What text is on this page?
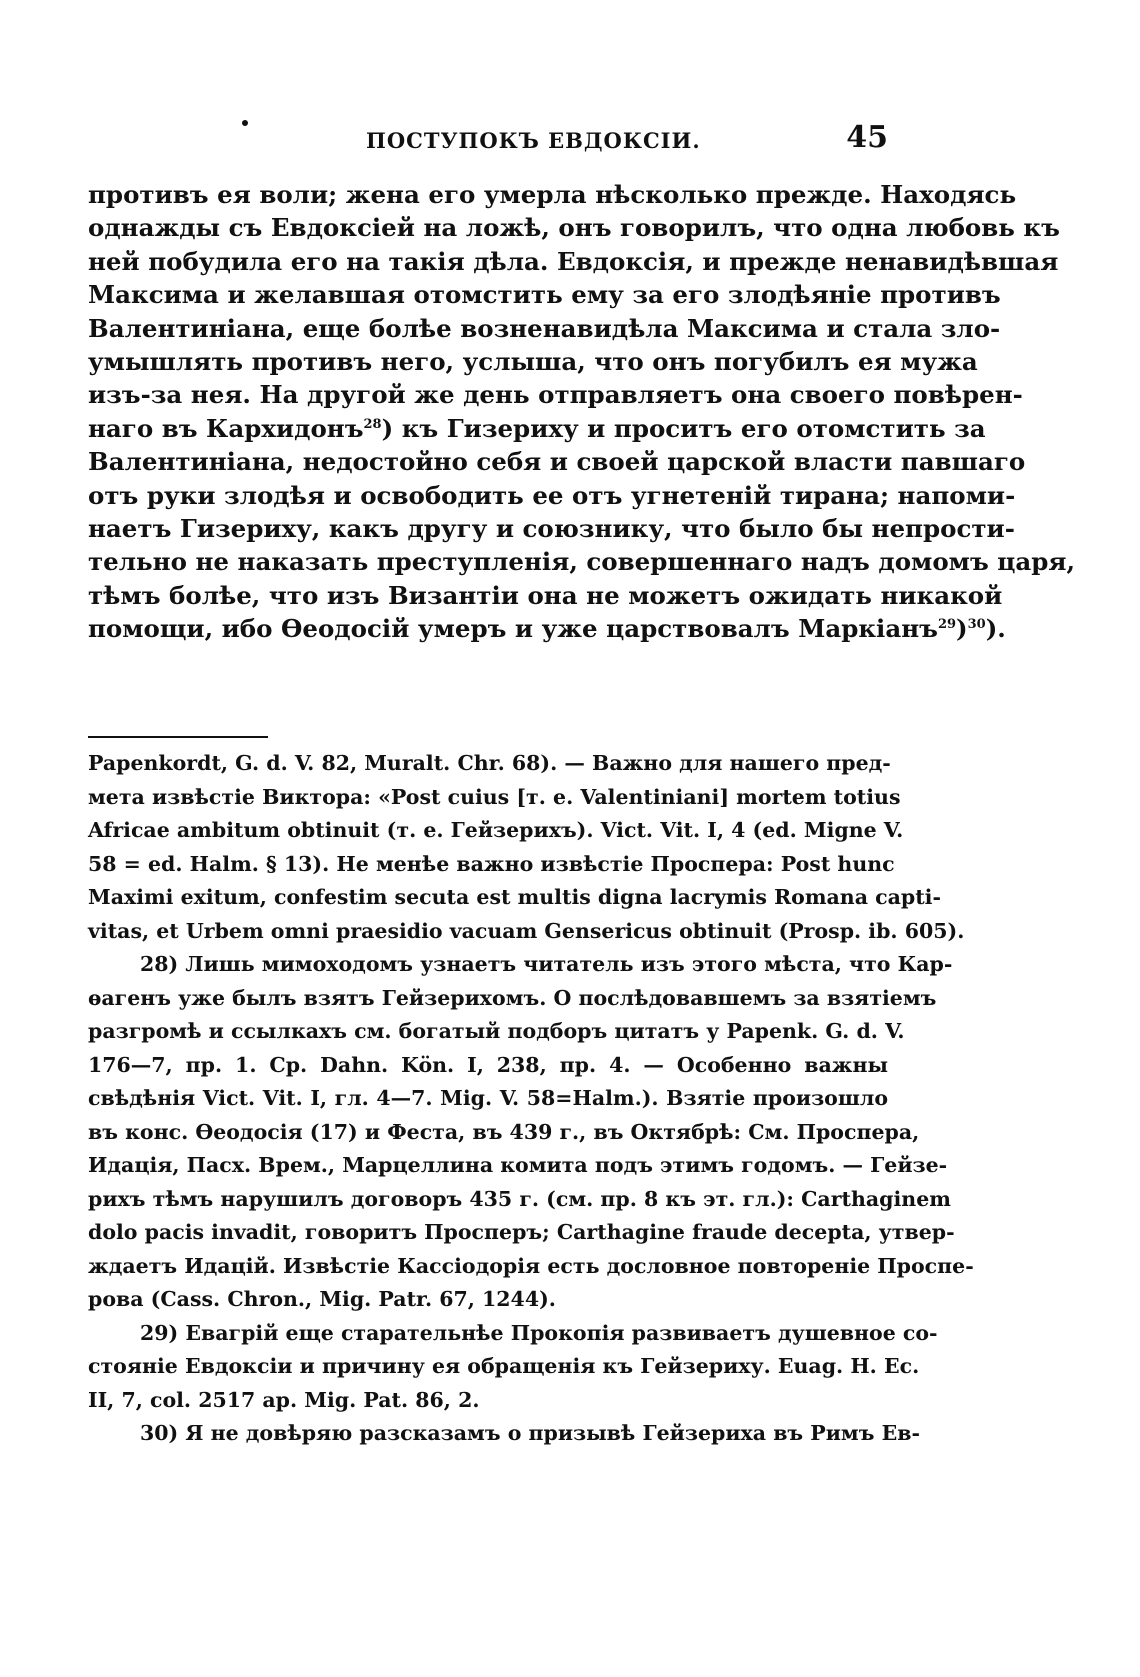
ПОСТУПОКЪ ЕВДОКСІИ.	45
противъ ея воли; жена его умерла нѣсколько прежде. Находясь
однажды съ Евдоксіей на ложѣ, онъ говорилъ, что одна любовь къ
ней побудила его на такія дѣла. Евдоксія, и прежде ненавидѣвшая
Максима и желавшая отомстить ему за его злодѣяніе противъ
Валентиніана, еще болѣе возненавидѣла Максима и стала зло-
умышлять противъ него, услыша, что онъ погубилъ ея мужа
изъ-за нея. На другой же день отправляетъ она своего повѣрен-
наго въ Кархидонъ$^{28}$) къ Гизериху и проситъ его отомстить за
Валентиніана, недостойно себя и своей царской власти павшаго
отъ руки злодѣя и освободить ее отъ угнетеній тирана; напоми-
наетъ Гизериху, какъ другу и союзнику, что было бы непрости-
тельно не наказать преступленія, совершеннаго надъ домомъ царя,
тѣмъ болѣе, что изъ Византіи она не можетъ ожидать никакой
помощи, ибо Өеодосій умеръ и уже царствовалъ Маркіанъ$^{29}$)$^{30}$).
Papenkordt, G. d. V. 82, Muralt. Chr. 68). — Важно для нашего пред-
мета извѣстіе Виктора: «Post cuius [т. е. Valentiniani] mortem totius
Africae ambitum obtinuit (т. е. Гейзерихъ). Vict. Vit. I, 4 (ed. Migne V.
58 = ed. Halm. § 13). Не менѣе важно извѣстіе Проспера: Post hunc
Maximi exitum, confestim secuta est multis digna lacrymis Romana capti-
vitas, et Urbem omni praesidio vacuam Gensericus obtinuit (Prosp. ib. 605).
28) Лишь мимоходомъ узнаетъ читатель изъ этого мѣста, что Кар-
ѳагенъ уже былъ взятъ Гейзерихомъ. О послѣдовавшемъ за взятіемъ
разгромѣ и ссылкахъ см. богатый подборъ цитатъ у Papenk. G. d. V.
176—7, пр. 1. Ср. Dahn. Kön. I, 238, пр. 4. — Особенно важны
свѣдѣнія Vict. Vit. I, гл. 4—7. Mig. V. 58=Halm.). Взятіе произошло
въ конс. Өеодосія (17) и Феста, въ 439 г., въ Октябрѣ: См. Проспера,
Идація, Пасх. Врем., Марцеллина комита подъ этимъ годомъ. — Гейзе-
рихъ тѣмъ нарушилъ договоръ 435 г. (см. пр. 8 къ эт. гл.): Carthaginem
dolo pacis invadit, говоритъ Просперъ; Carthagine fraude decepta, утвер-
ждаетъ Идацій. Извѣстіе Кассіодорія есть дословное повтореніе Проспе-
рова (Cass. Chron., Mig. Patr. 67, 1244).
29) Евагрій еще старательнѣе Прокопія развиваетъ душевное со-
стояніе Евдоксіи и причину ея обращенія къ Гейзериху. Euag. H. Ec.
II, 7, col. 2517 ар. Mig. Pat. 86, 2.
30) Я не довѣряю разсказамъ о призывѣ Гейзериха въ Римъ Ев-
